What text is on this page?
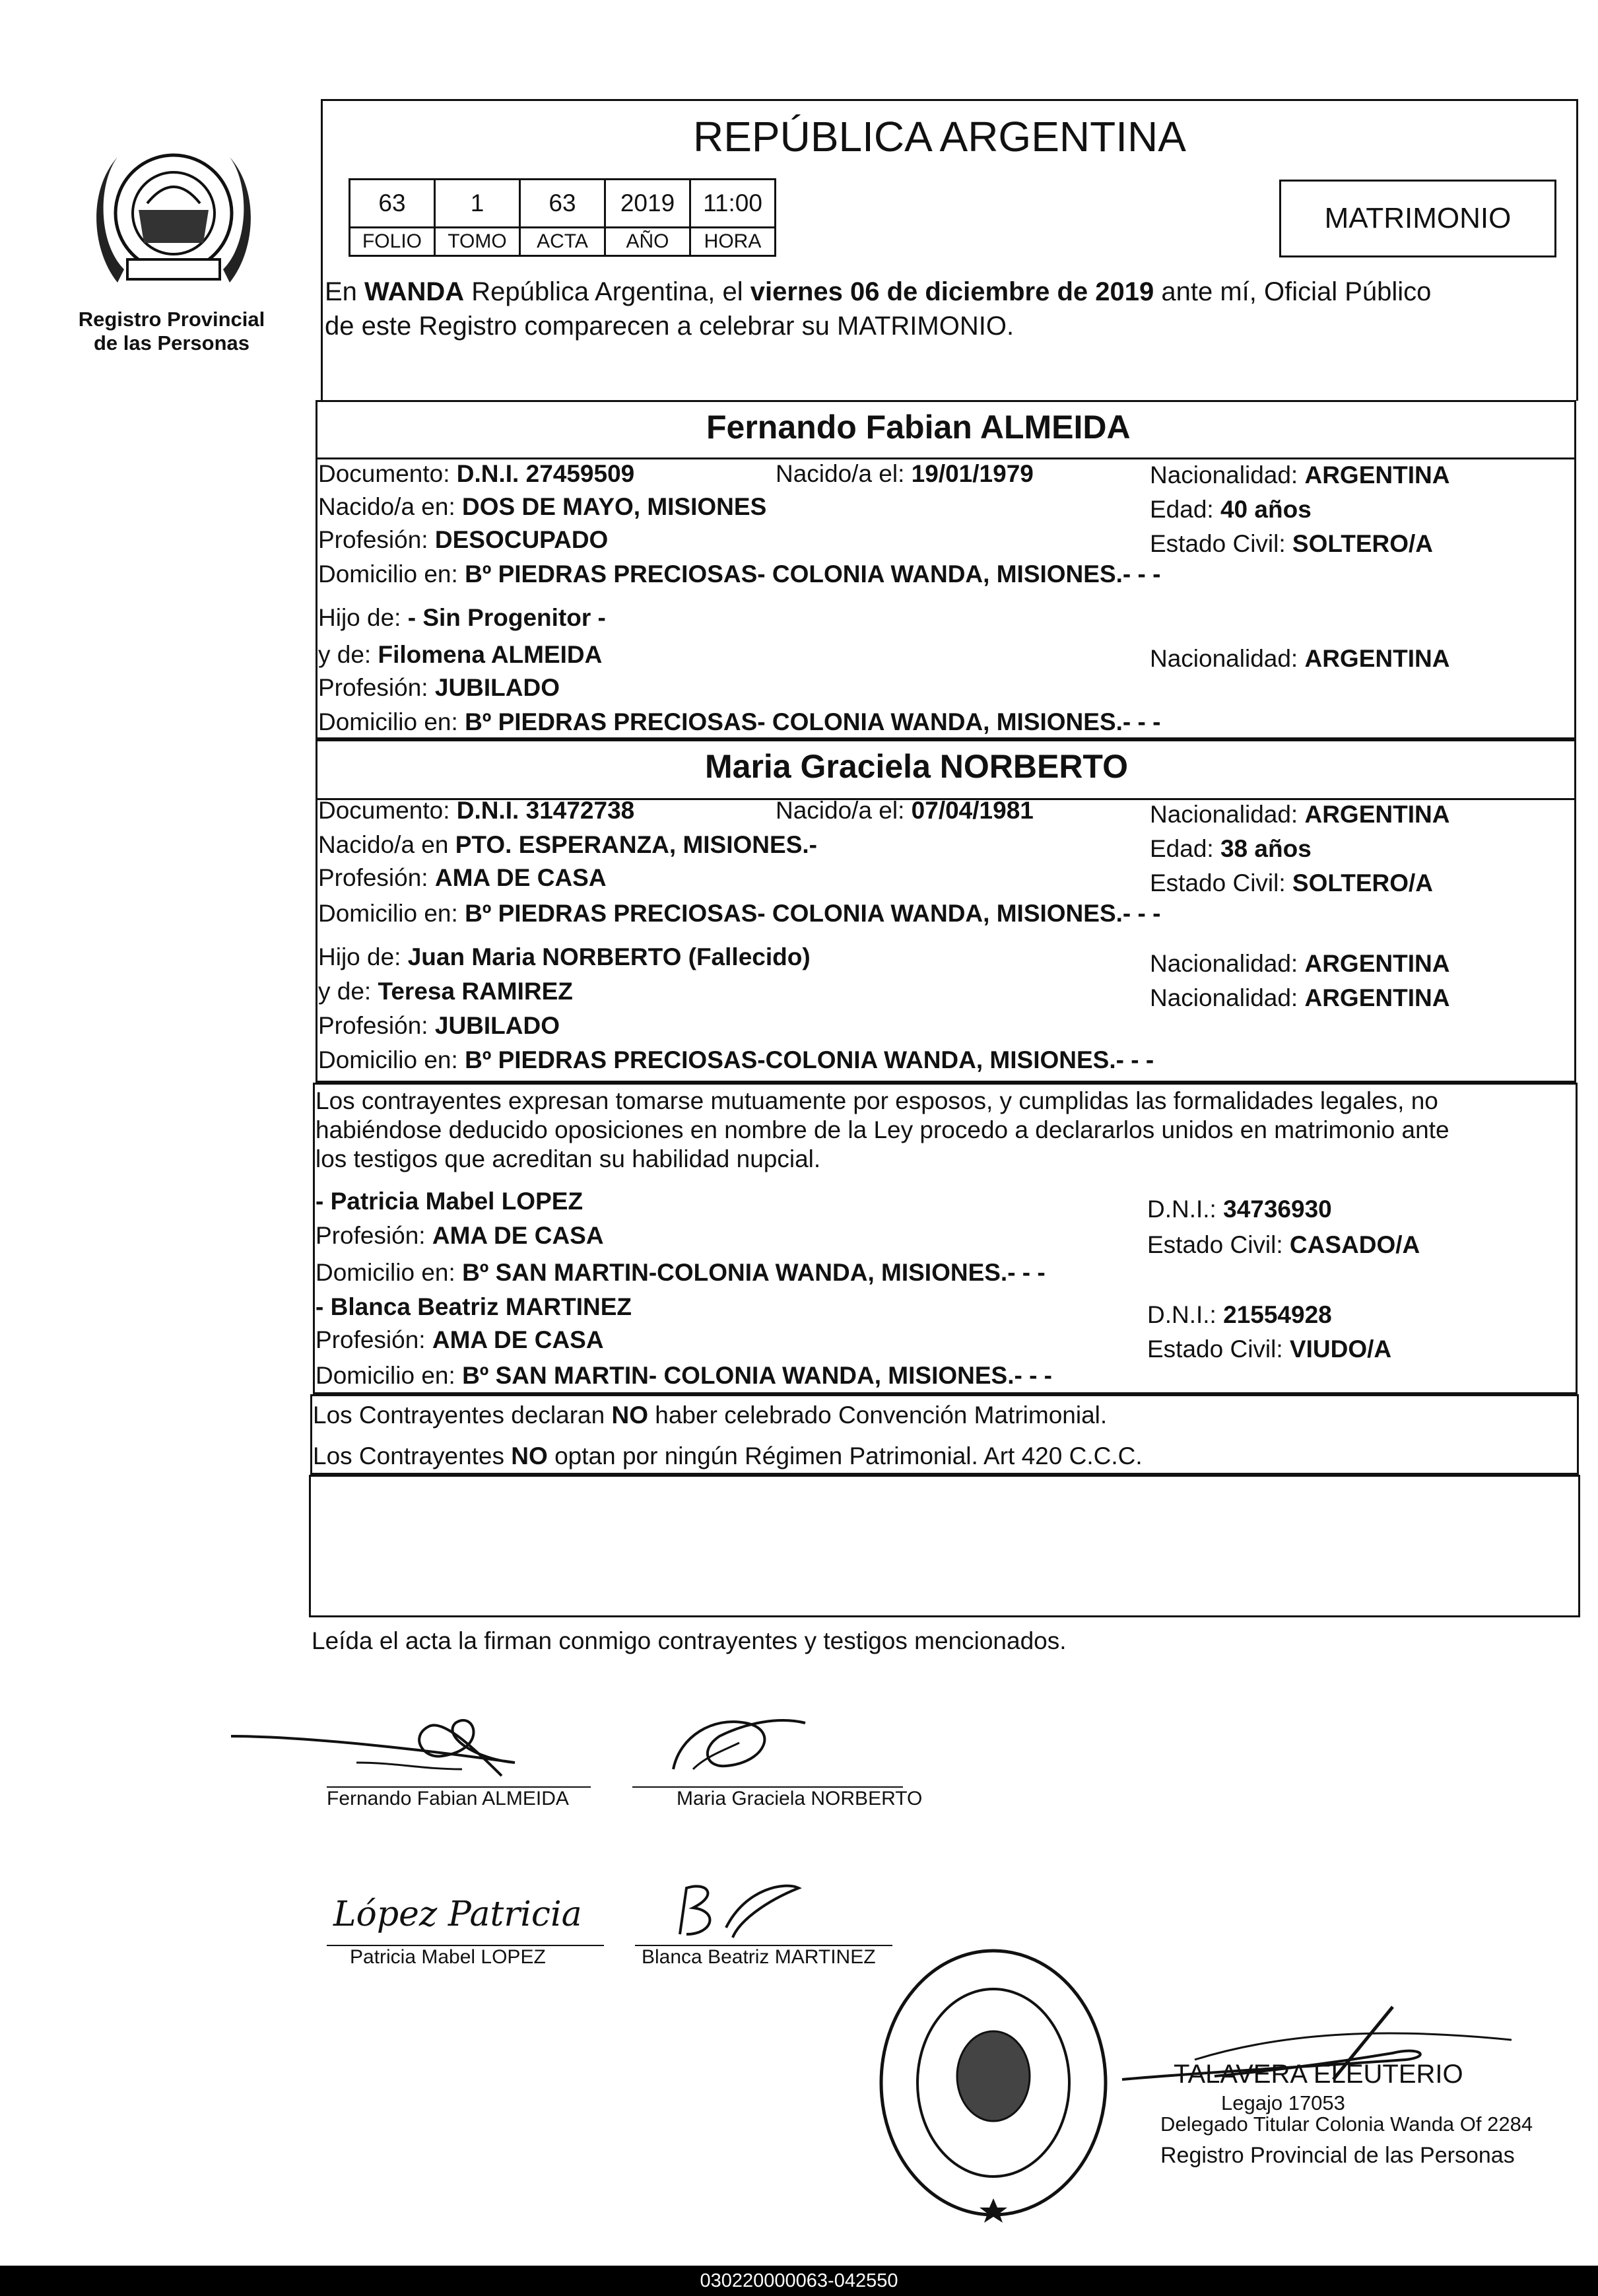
Registro Provincial
de las Personas
REPÚBLICA ARGENTINA
63	1	63	2019	11:00
FOLIO	TOMO	ACTA	AÑO	HORA
MATRIMONIO
En WANDA República Argentina, el viernes 06 de diciembre de 2019 ante mí, Oficial Público
de este Registro comparecen a celebrar su MATRIMONIO.
Fernando Fabian ALMEIDA
Documento: D.N.I. 27459509	Nacido/a el: 19/01/1979	Nacionalidad: ARGENTINA
Nacido/a en: DOS DE MAYO, MISIONES	Edad: 40 años
Profesión: DESOCUPADO	Estado Civil: SOLTERO/A
Domicilio en: Bº PIEDRAS PRECIOSAS- COLONIA WANDA, MISIONES.- - -
Hijo de: - Sin Progenitor -
y de: Filomena ALMEIDA	Nacionalidad: ARGENTINA
Profesión: JUBILADO
Domicilio en: Bº PIEDRAS PRECIOSAS- COLONIA WANDA, MISIONES.- - -
Maria Graciela NORBERTO
Documento: D.N.I. 31472738	Nacido/a el: 07/04/1981	Nacionalidad: ARGENTINA
Nacido/a en PTO. ESPERANZA, MISIONES.-	Edad: 38 años
Profesión: AMA DE CASA	Estado Civil: SOLTERO/A
Domicilio en: Bº PIEDRAS PRECIOSAS- COLONIA WANDA, MISIONES.- - -
Hijo de: Juan Maria NORBERTO (Fallecido)	Nacionalidad: ARGENTINA
y de: Teresa RAMIREZ	Nacionalidad: ARGENTINA
Profesión: JUBILADO
Domicilio en: Bº PIEDRAS PRECIOSAS-COLONIA WANDA, MISIONES.- - -
Los contrayentes expresan tomarse mutuamente por esposos, y cumplidas las formalidades legales, no
habiéndose deducido oposiciones en nombre de la Ley procedo a declararlos unidos en matrimonio ante
los testigos que acreditan su habilidad nupcial.
- Patricia Mabel LOPEZ	D.N.I.: 34736930
Profesión: AMA DE CASA	Estado Civil: CASADO/A
Domicilio en: Bº SAN MARTIN-COLONIA WANDA, MISIONES.- - -
- Blanca Beatriz MARTINEZ	D.N.I.: 21554928
Profesión: AMA DE CASA	Estado Civil: VIUDO/A
Domicilio en: Bº SAN MARTIN- COLONIA WANDA, MISIONES.- - -
Los Contrayentes declaran NO haber celebrado Convención Matrimonial.
Los Contrayentes NO optan por ningún Régimen Patrimonial. Art 420 C.C.C.
Leída el acta la firman conmigo contrayentes y testigos mencionados.
Fernando Fabian ALMEIDA	Maria Graciela NORBERTO
López Patricia
Patricia Mabel LOPEZ	Blanca Beatriz MARTINEZ
TALAVERA ELEUTERIO
Legajo 17053
Delegado Titular Colonia Wanda Of 2284
Registro Provincial de las Personas
030220000063-042550
